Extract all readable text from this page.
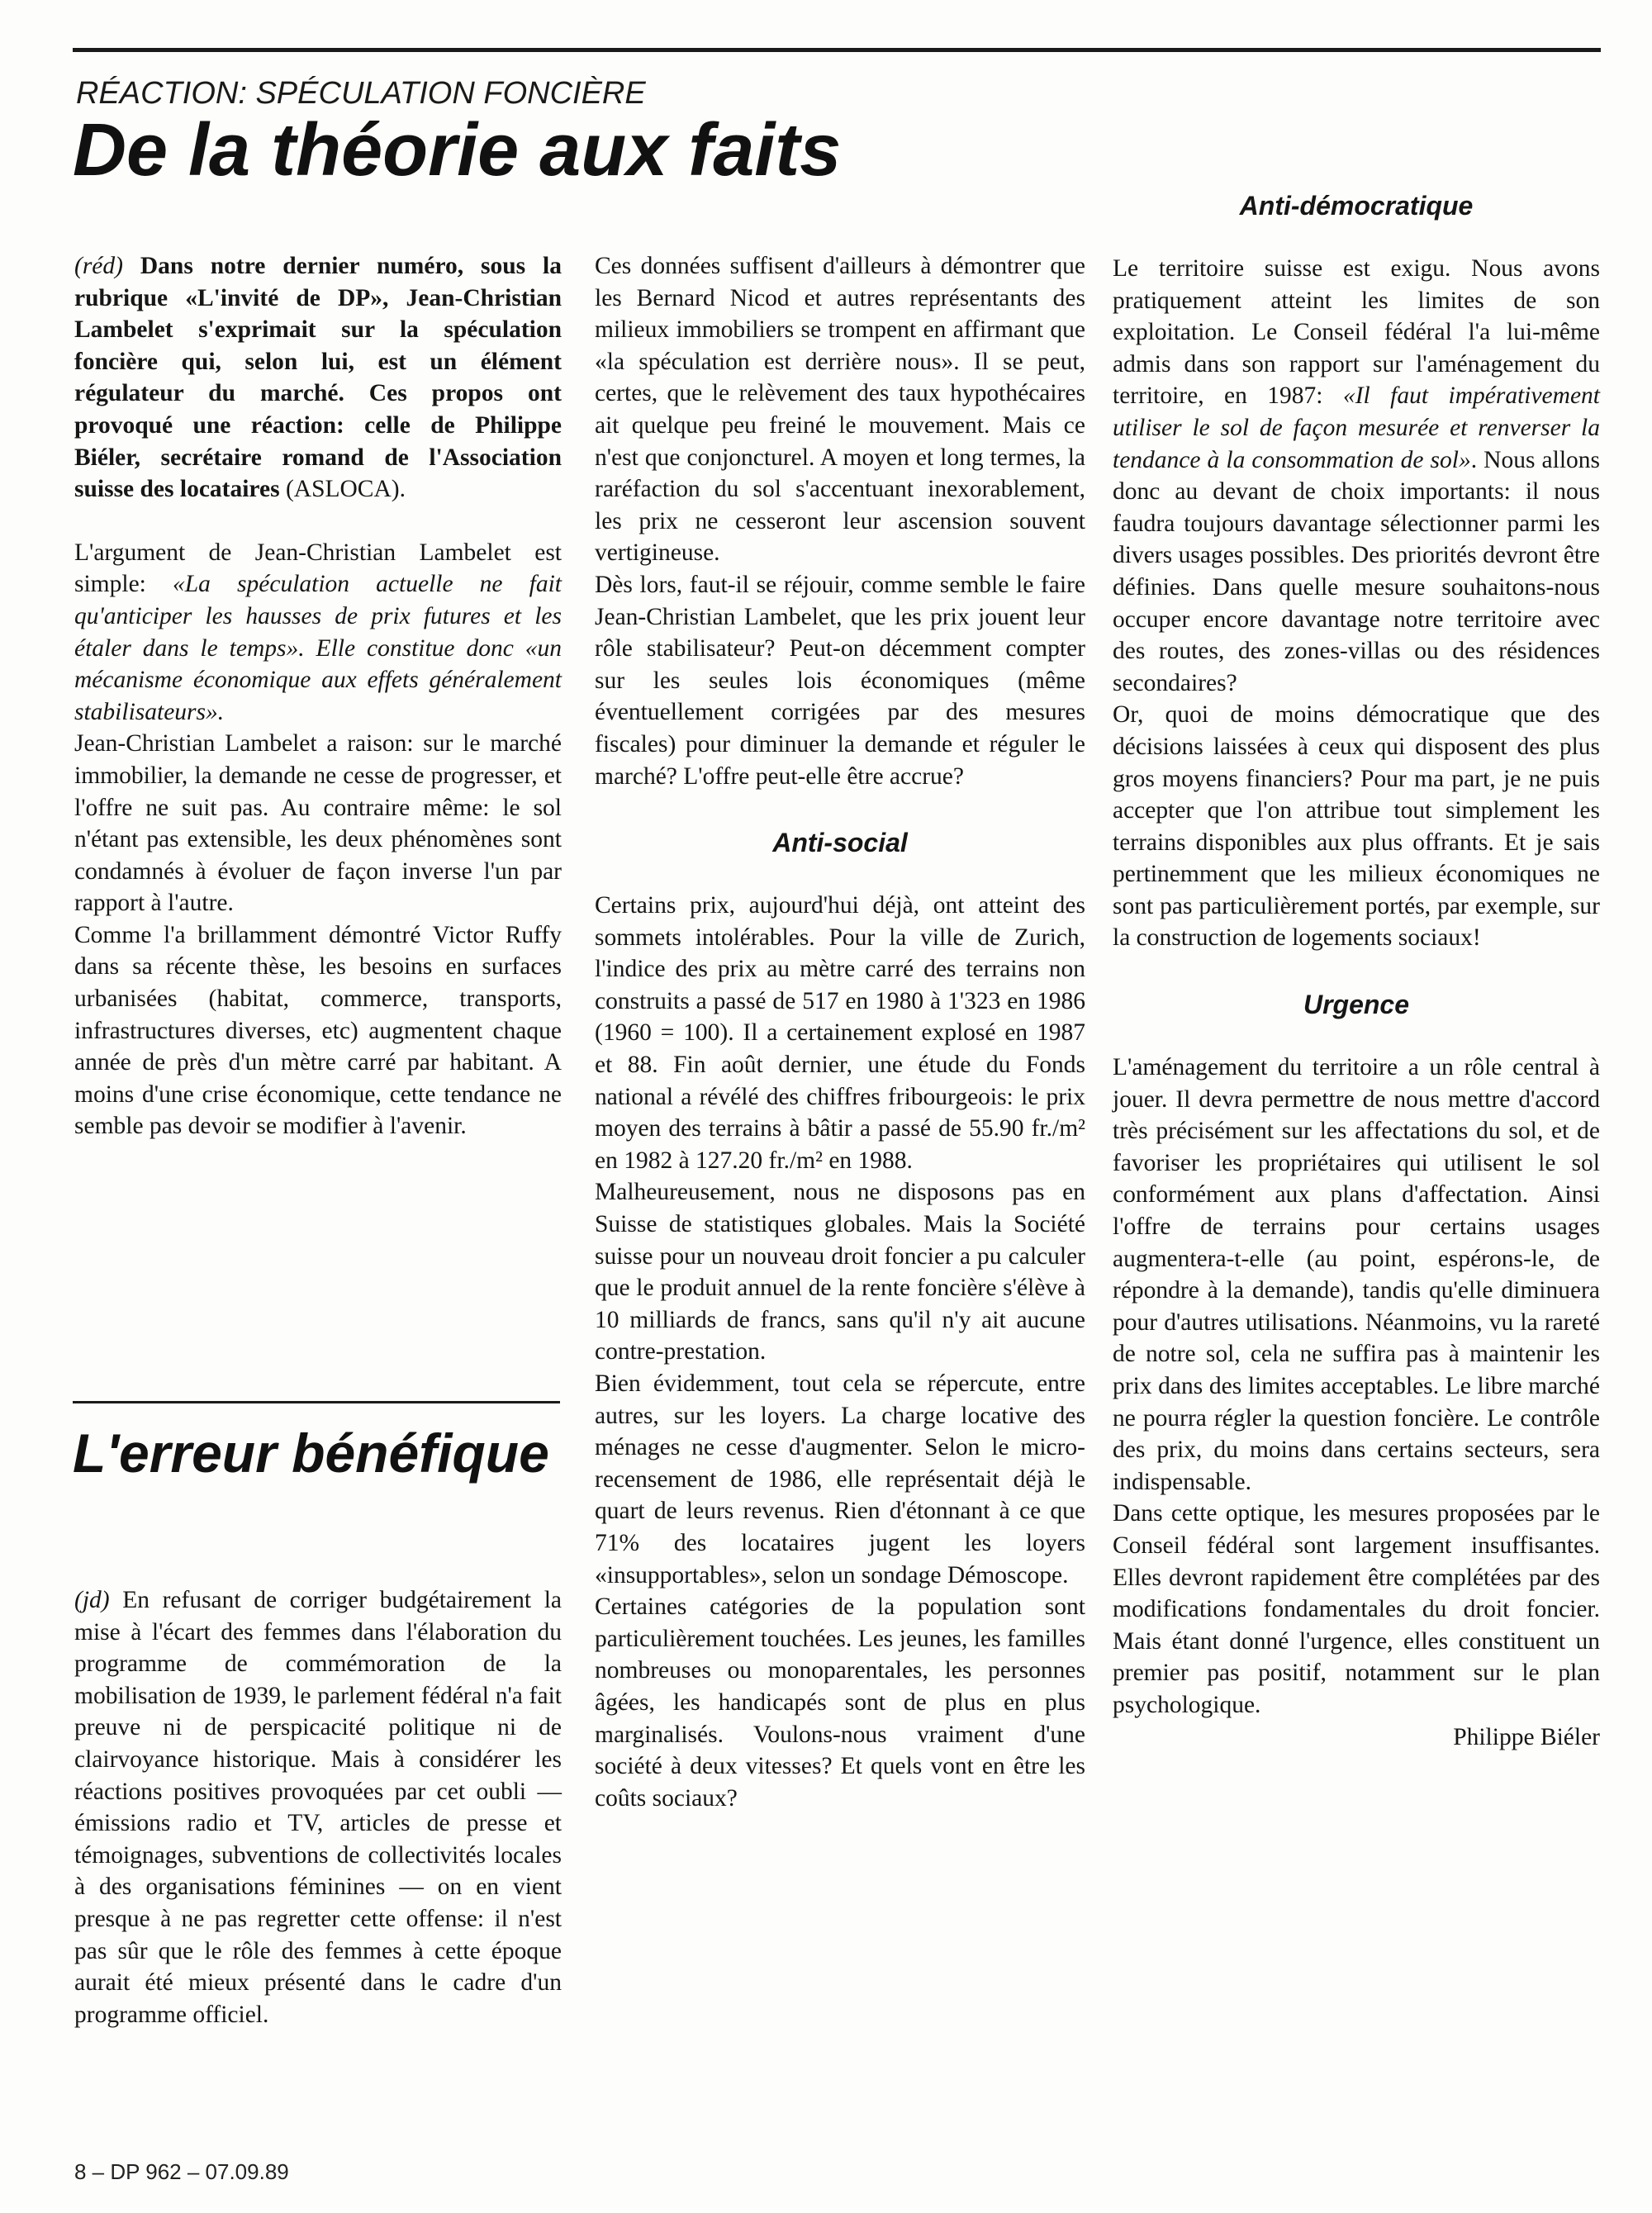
RÉACTION: SPÉCULATION FONCIÈRE
De la théorie aux faits

(réd) Dans notre dernier numéro, sous la rubrique «L'invité de DP», Jean-Christian Lambelet s'exprimait sur la spéculation foncière qui, selon lui, est un élément régulateur du marché. Ces propos ont provoqué une réaction: celle de Philippe Biéler, secrétaire romand de l'Association suisse des locataires (ASLOCA).

L'argument de Jean-Christian Lambelet est simple: «La spéculation actuelle ne fait qu'anticiper les hausses de prix futures et les étaler dans le temps». Elle constitue donc «un mécanisme économique aux effets généralement stabilisateurs».

Jean-Christian Lambelet a raison: sur le marché immobilier, la demande ne cesse de progresser, et l'offre ne suit pas. Au contraire même: le sol n'étant pas extensible, les deux phénomènes sont condamnés à évoluer de façon inverse l'un par rapport à l'autre.

Comme l'a brillamment démontré Victor Ruffy dans sa récente thèse, les besoins en surfaces urbanisées (habitat, commerce, transports, infrastructures diverses, etc) augmentent chaque année de près d'un mètre carré par habitant. A moins d'une crise économique, cette tendance ne semble pas devoir se modifier à l'avenir.

L'erreur bénéfique

(jd) En refusant de corriger budgétairement la mise à l'écart des femmes dans l'élaboration du programme de commémoration de la mobilisation de 1939, le parlement fédéral n'a fait preuve ni de perspicacité politique ni de clairvoyance historique. Mais à considérer les réactions positives provoquées par cet oubli — émissions radio et TV, articles de presse et témoignages, subventions de collectivités locales à des organisations féminines — on en vient presque à ne pas regretter cette offense: il n'est pas sûr que le rôle des femmes à cette époque aurait été mieux présenté dans le cadre d'un programme officiel.

Ces données suffisent d'ailleurs à démontrer que les Bernard Nicod et autres représentants des milieux immobiliers se trompent en affirmant que «la spéculation est derrière nous». Il se peut, certes, que le relèvement des taux hypothécaires ait quelque peu freiné le mouvement. Mais ce n'est que conjoncturel. A moyen et long termes, la raréfaction du sol s'accentuant inexorablement, les prix ne cesseront leur ascension souvent vertigineuse.

Dès lors, faut-il se réjouir, comme semble le faire Jean-Christian Lambelet, que les prix jouent leur rôle stabilisateur? Peut-on décemment compter sur les seules lois économiques (même éventuellement corrigées par des mesures fiscales) pour diminuer la demande et réguler le marché? L'offre peut-elle être accrue?

Anti-social

Certains prix, aujourd'hui déjà, ont atteint des sommets intolérables. Pour la ville de Zurich, l'indice des prix au mètre carré des terrains non construits a passé de 517 en 1980 à 1'323 en 1986 (1960 = 100). Il a certainement explosé en 1987 et 88. Fin août dernier, une étude du Fonds national a révélé des chiffres fribourgeois: le prix moyen des terrains à bâtir a passé de 55.90 fr./m² en 1982 à 127.20 fr./m² en 1988.

Malheureusement, nous ne disposons pas en Suisse de statistiques globales. Mais la Société suisse pour un nouveau droit foncier a pu calculer que le produit annuel de la rente foncière s'élève à 10 milliards de francs, sans qu'il n'y ait aucune contre-prestation.

Bien évidemment, tout cela se répercute, entre autres, sur les loyers. La charge locative des ménages ne cesse d'augmenter. Selon le micro-recensement de 1986, elle représentait déjà le quart de leurs revenus. Rien d'étonnant à ce que 71% des locataires jugent les loyers «insupportables», selon un sondage Démoscope.

Certaines catégories de la population sont particulièrement touchées. Les jeunes, les familles nombreuses ou monoparentales, les personnes âgées, les handicapés sont de plus en plus marginalisés. Voulons-nous vraiment d'une société à deux vitesses? Et quels vont en être les coûts sociaux?

Anti-démocratique

Le territoire suisse est exigu. Nous avons pratiquement atteint les limites de son exploitation. Le Conseil fédéral l'a lui-même admis dans son rapport sur l'aménagement du territoire, en 1987: «Il faut impérativement utiliser le sol de façon mesurée et renverser la tendance à la consommation de sol». Nous allons donc au devant de choix importants: il nous faudra toujours davantage sélectionner parmi les divers usages possibles. Des priorités devront être définies. Dans quelle mesure souhaitons-nous occuper encore davantage notre territoire avec des routes, des zones-villas ou des résidences secondaires?

Or, quoi de moins démocratique que des décisions laissées à ceux qui disposent des plus gros moyens financiers? Pour ma part, je ne puis accepter que l'on attribue tout simplement les terrains disponibles aux plus offrants. Et je sais pertinemment que les milieux économiques ne sont pas particulièrement portés, par exemple, sur la construction de logements sociaux!

Urgence

L'aménagement du territoire a un rôle central à jouer. Il devra permettre de nous mettre d'accord très précisément sur les affectations du sol, et de favoriser les propriétaires qui utilisent le sol conformément aux plans d'affectation. Ainsi l'offre de terrains pour certains usages augmentera-t-elle (au point, espérons-le, de répondre à la demande), tandis qu'elle diminuera pour d'autres utilisations. Néanmoins, vu la rareté de notre sol, cela ne suffira pas à maintenir les prix dans des limites acceptables. Le libre marché ne pourra régler la question foncière. Le contrôle des prix, du moins dans certains secteurs, sera indispensable.

Dans cette optique, les mesures proposées par le Conseil fédéral sont largement insuffisantes. Elles devront rapidement être complétées par des modifications fondamentales du droit foncier. Mais étant donné l'urgence, elles constituent un premier pas positif, notamment sur le plan psychologique.

Philippe Biéler

8 – DP 962 – 07.09.89
